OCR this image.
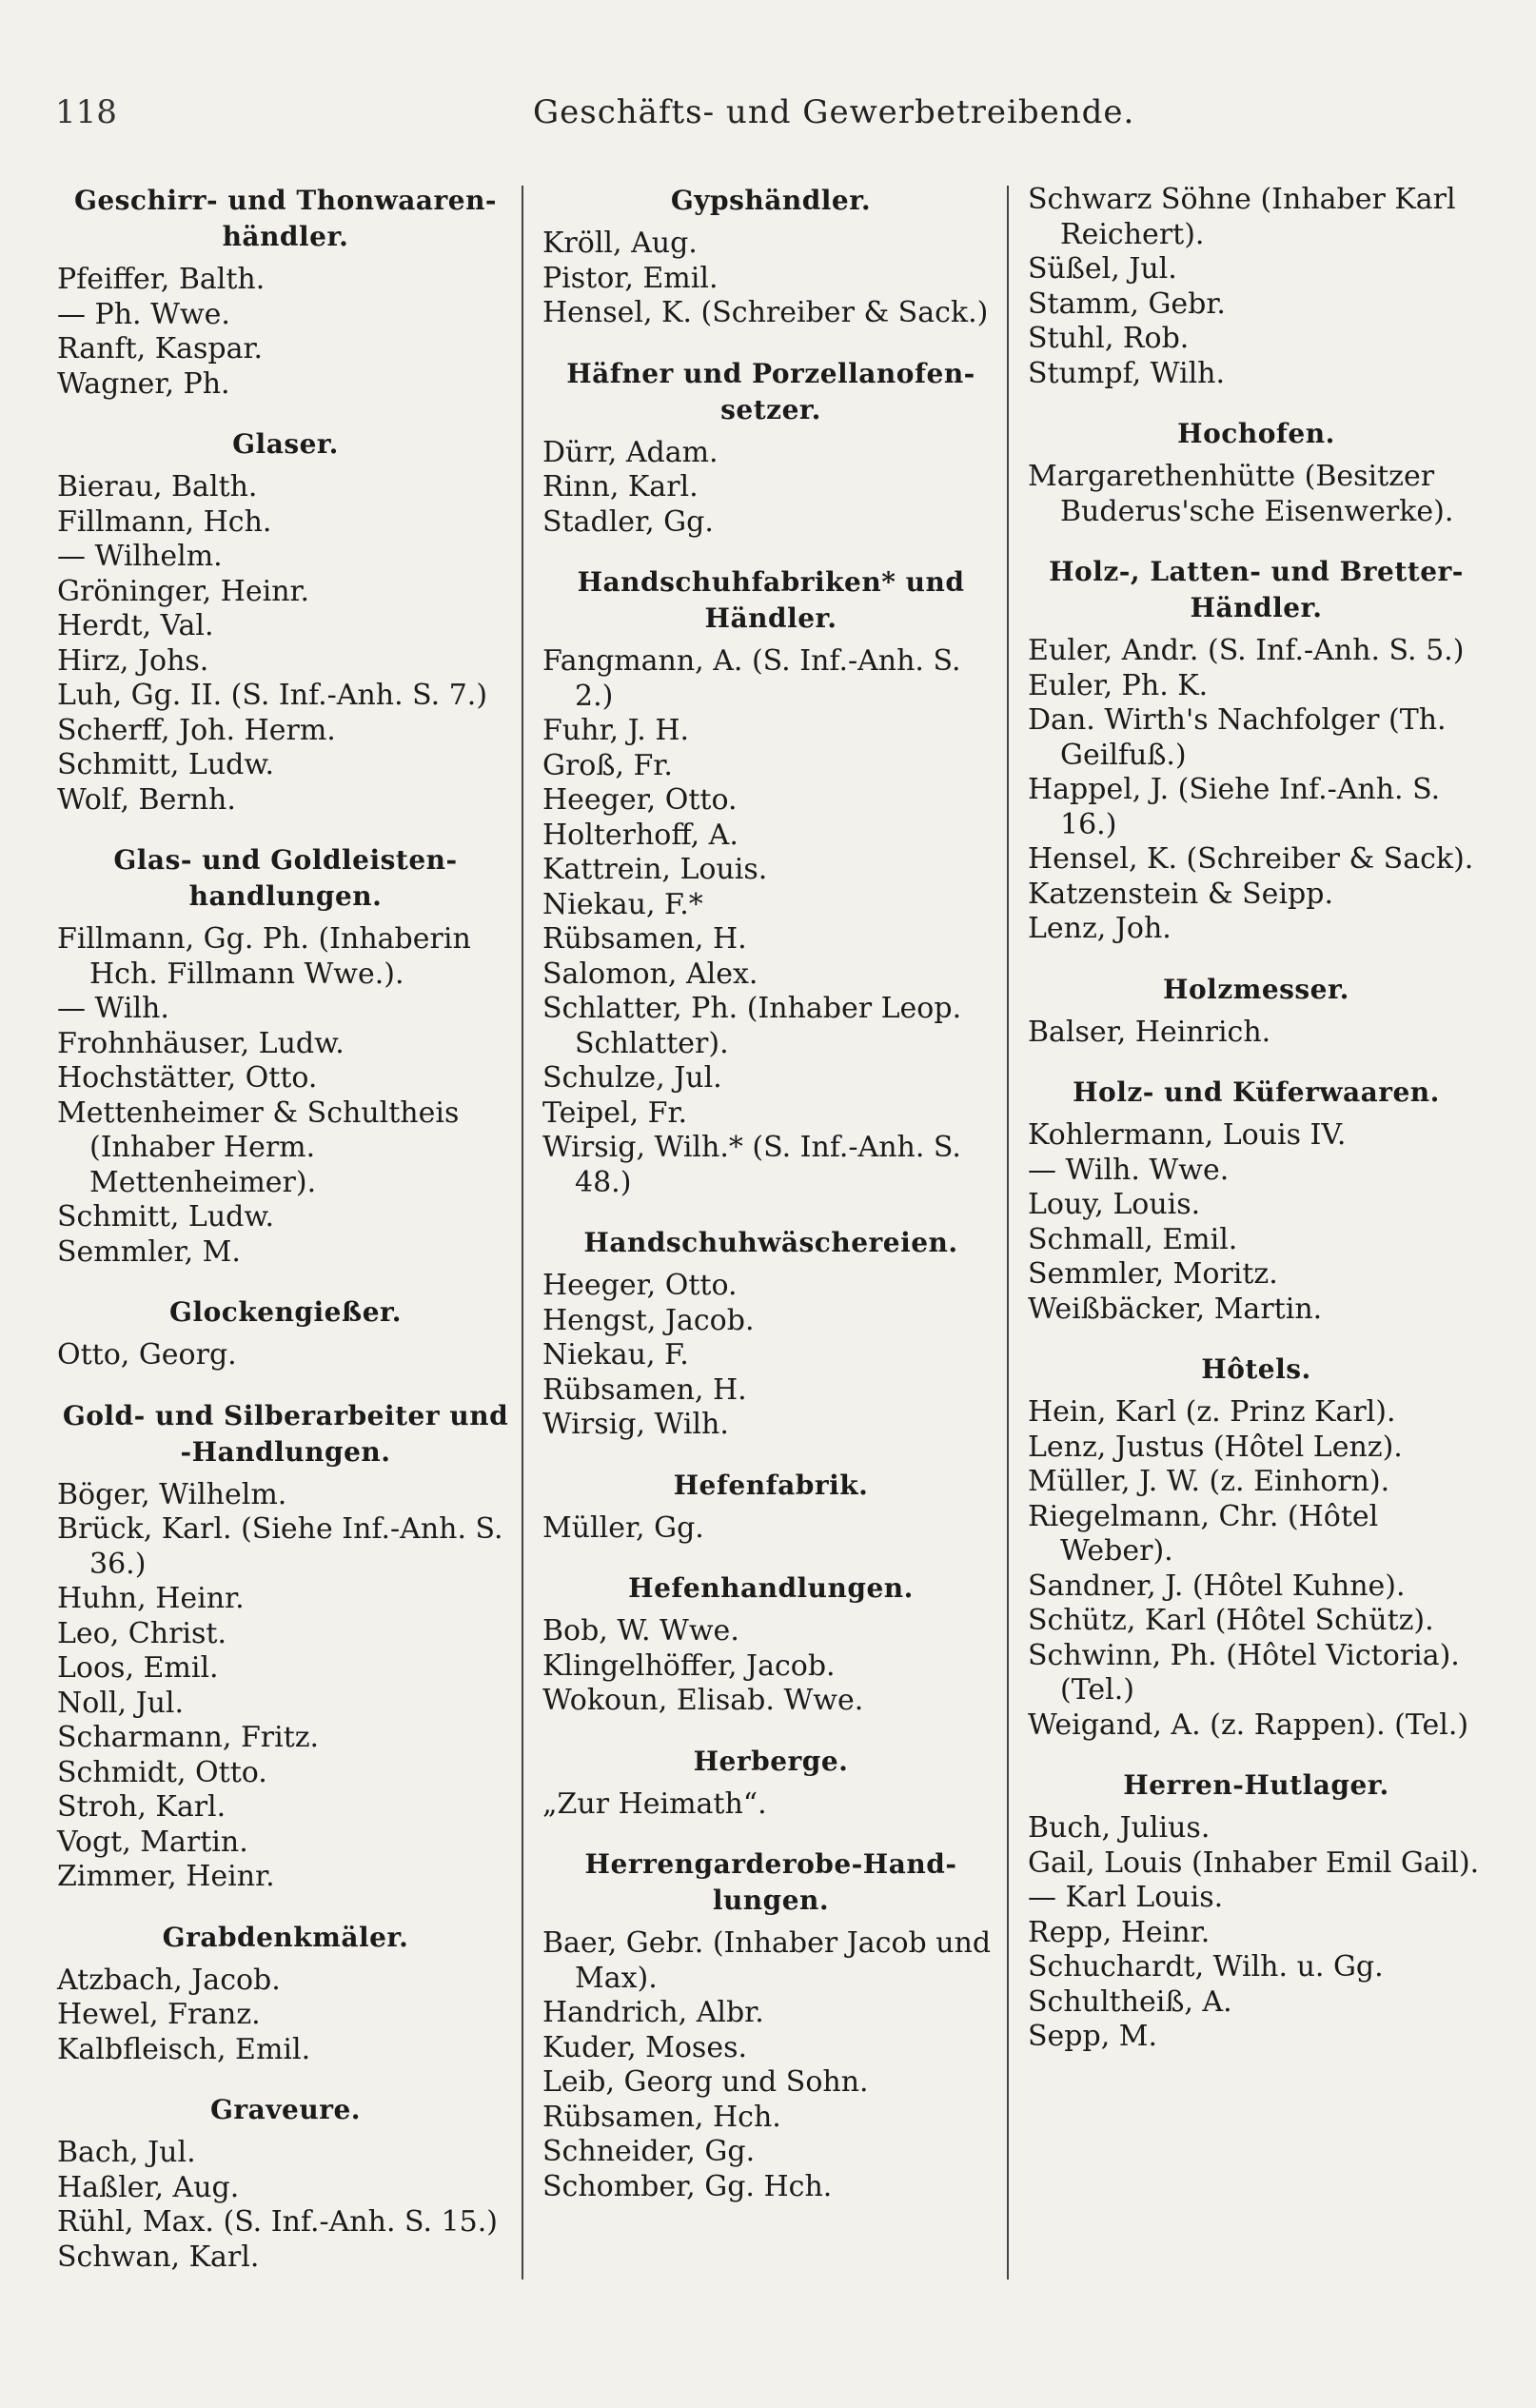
118	Geschäfts- und Gewerbetreibende.
Geschirr- und Thonwaaren-händler.
Pfeiffer, Balth.
— Ph. Wwe.
Ranft, Kaspar.
Wagner, Ph.
Glaser.
Bierau, Balth.
Fillmann, Hch.
— Wilhelm.
Gröninger, Heinr.
Herdt, Val.
Hirz, Johs.
Luh, Gg. II. (S. Inf.-Anh. S. 7.)
Scherff, Joh. Herm.
Schmitt, Ludw.
Wolf, Bernh.
Glas- und Goldleisten-handlungen.
Fillmann, Gg. Ph. (Inhaberin Hch. Fillmann Wwe.).
— Wilh.
Frohnhäuser, Ludw.
Hochstätter, Otto.
Mettenheimer & Schultheis (Inhaber Herm. Mettenheimer).
Schmitt, Ludw.
Semmler, M.
Glockengießer.
Otto, Georg.
Gold- und Silberarbeiter und -Handlungen.
Böger, Wilhelm.
Brück, Karl. (Siehe Inf.-Anh. S. 36.)
Huhn, Heinr.
Leo, Christ.
Loos, Emil.
Noll, Jul.
Scharmann, Fritz.
Schmidt, Otto.
Stroh, Karl.
Vogt, Martin.
Zimmer, Heinr.
Grabdenkmäler.
Atzbach, Jacob.
Hewel, Franz.
Kalbfleisch, Emil.
Graveure.
Bach, Jul.
Haßler, Aug.
Rühl, Max. (S. Inf.-Anh. S. 15.)
Schwan, Karl.
Gypshändler.
Kröll, Aug.
Pistor, Emil.
Hensel, K. (Schreiber & Sack.)
Häfner und Porzellanofen-setzer.
Dürr, Adam.
Rinn, Karl.
Stadler, Gg.
Handschuhfabriken* und Händler.
Fangmann, A. (S. Inf.-Anh. S. 2.)
Fuhr, J. H.
Groß, Fr.
Heeger, Otto.
Holterhoff, A.
Kattrein, Louis.
Niekau, F.*
Rübsamen, H.
Salomon, Alex.
Schlatter, Ph. (Inhaber Leop. Schlatter).
Schulze, Jul.
Teipel, Fr.
Wirsig, Wilh.* (S. Inf.-Anh. S. 48.)
Handschuhwäschereien.
Heeger, Otto.
Hengst, Jacob.
Niekau, F.
Rübsamen, H.
Wirsig, Wilh.
Hefenfabrik.
Müller, Gg.
Hefenhandlungen.
Bob, W. Wwe.
Klingelhöffer, Jacob.
Wokoun, Elisab. Wwe.
Herberge.
„Zur Heimath“.
Herrengarderobe-Hand-lungen.
Baer, Gebr. (Inhaber Jacob und Max).
Handrich, Albr.
Kuder, Moses.
Leib, Georg und Sohn.
Rübsamen, Hch.
Schneider, Gg.
Schomber, Gg. Hch.
Schwarz Söhne (Inhaber Karl Reichert).
Süßel, Jul.
Stamm, Gebr.
Stuhl, Rob.
Stumpf, Wilh.
Hochofen.
Margarethenhütte (Besitzer Buderus'sche Eisenwerke).
Holz-, Latten- und Bretter-Händler.
Euler, Andr. (S. Inf.-Anh. S. 5.)
Euler, Ph. K.
Dan. Wirth's Nachfolger (Th. Geilfuß.)
Happel, J. (Siehe Inf.-Anh. S. 16.)
Hensel, K. (Schreiber & Sack).
Katzenstein & Seipp.
Lenz, Joh.
Holzmesser.
Balser, Heinrich.
Holz- und Küferwaaren.
Kohlermann, Louis IV.
— Wilh. Wwe.
Louy, Louis.
Schmall, Emil.
Semmler, Moritz.
Weißbäcker, Martin.
Hôtels.
Hein, Karl (z. Prinz Karl).
Lenz, Justus (Hôtel Lenz).
Müller, J. W. (z. Einhorn).
Riegelmann, Chr. (Hôtel Weber).
Sandner, J. (Hôtel Kuhne).
Schütz, Karl (Hôtel Schütz).
Schwinn, Ph. (Hôtel Victoria). (Tel.)
Weigand, A. (z. Rappen). (Tel.)
Herren-Hutlager.
Buch, Julius.
Gail, Louis (Inhaber Emil Gail).
— Karl Louis.
Repp, Heinr.
Schuchardt, Wilh. u. Gg.
Schultheiß, A.
Sepp, M.
